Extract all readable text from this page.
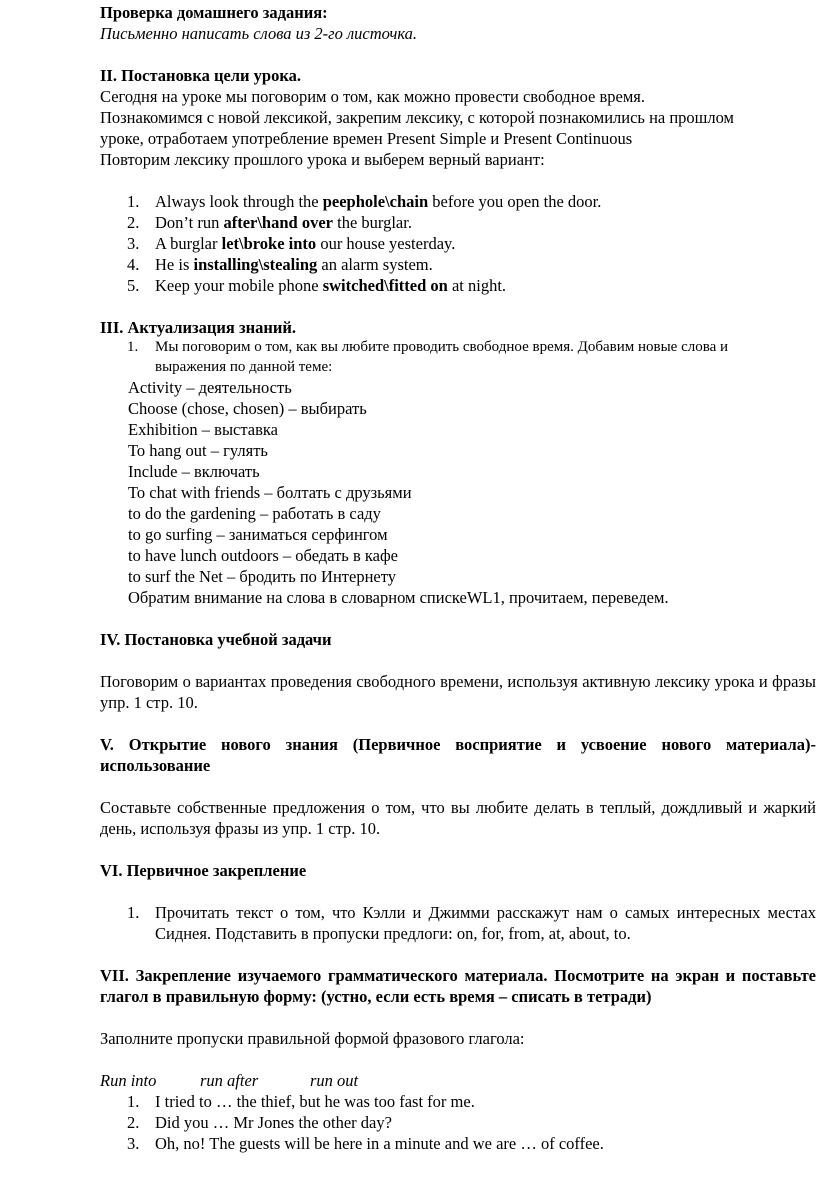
Проверка домашнего задания:

Письменно написать слова из 2-го листочка.

II. Постановка цели урока.

Сегодня на уроке мы поговорим о том, как можно провести свободное время.

Познакомимся с новой лексикой, закрепим лексику, с которой познакомились на прошлом

уроке, отработаем употребление времен Present Simple и Present Continuous

Повторим лексику прошлого урока и выберем верный вариант:

1. Always look through the peephole\chain before you open the door.
2. Don’t run after\hand over the burglar.
3. A burglar let\broke into our house yesterday.
4. He is installing\stealing an alarm system.
5. Keep your mobile phone switched\fitted on at night.

III. Актуализация знаний.

1. Мы поговорим о том, как вы любите проводить свободное время. Добавим новые слова и
выражения по данной теме:

Activity – деятельность

Choose (chose, chosen) – выбирать

Exhibition – выставка

To hang out – гулять

Include – включать

To chat with friends – болтать с друзьями

to do the gardening – работать в саду

to go surfing – заниматься серфингом

to have lunch outdoors – обедать в кафе

to surf the Net – бродить по Интернету

Обратим внимание на слова в словарном спискеWL1, прочитаем, переведем.

IV. Постановка учебной задачи

Поговорим о вариантах проведения свободного времени, используя активную лексику урока и фразы упр. 1 стр. 10.

V. Открытие нового знания (Первичное восприятие и усвоение нового материала)-использование

Составьте собственные предложения о том, что вы любите делать в теплый, дождливый и жаркий день, используя фразы из упр. 1 стр. 10.

VI. Первичное закрепление

1. Прочитать текст о том, что Кэлли и Джимми расскажут нам о самых интересных местах Сиднея. Подставить в пропуски предлоги: on, for, from, at, about, to.

VII. Закрепление изучаемого грамматического материала. Посмотрите на экран и поставьте глагол в правильную форму: (устно, если есть время – списать в тетради)

Заполните пропуски правильной формой фразового глагола:

Run into	run after	run out

1. I tried to … the thief, but he was too fast for me.
2. Did you … Mr Jones the other day?
3. Oh, no! The guests will be here in a minute and we are … of coffee.
